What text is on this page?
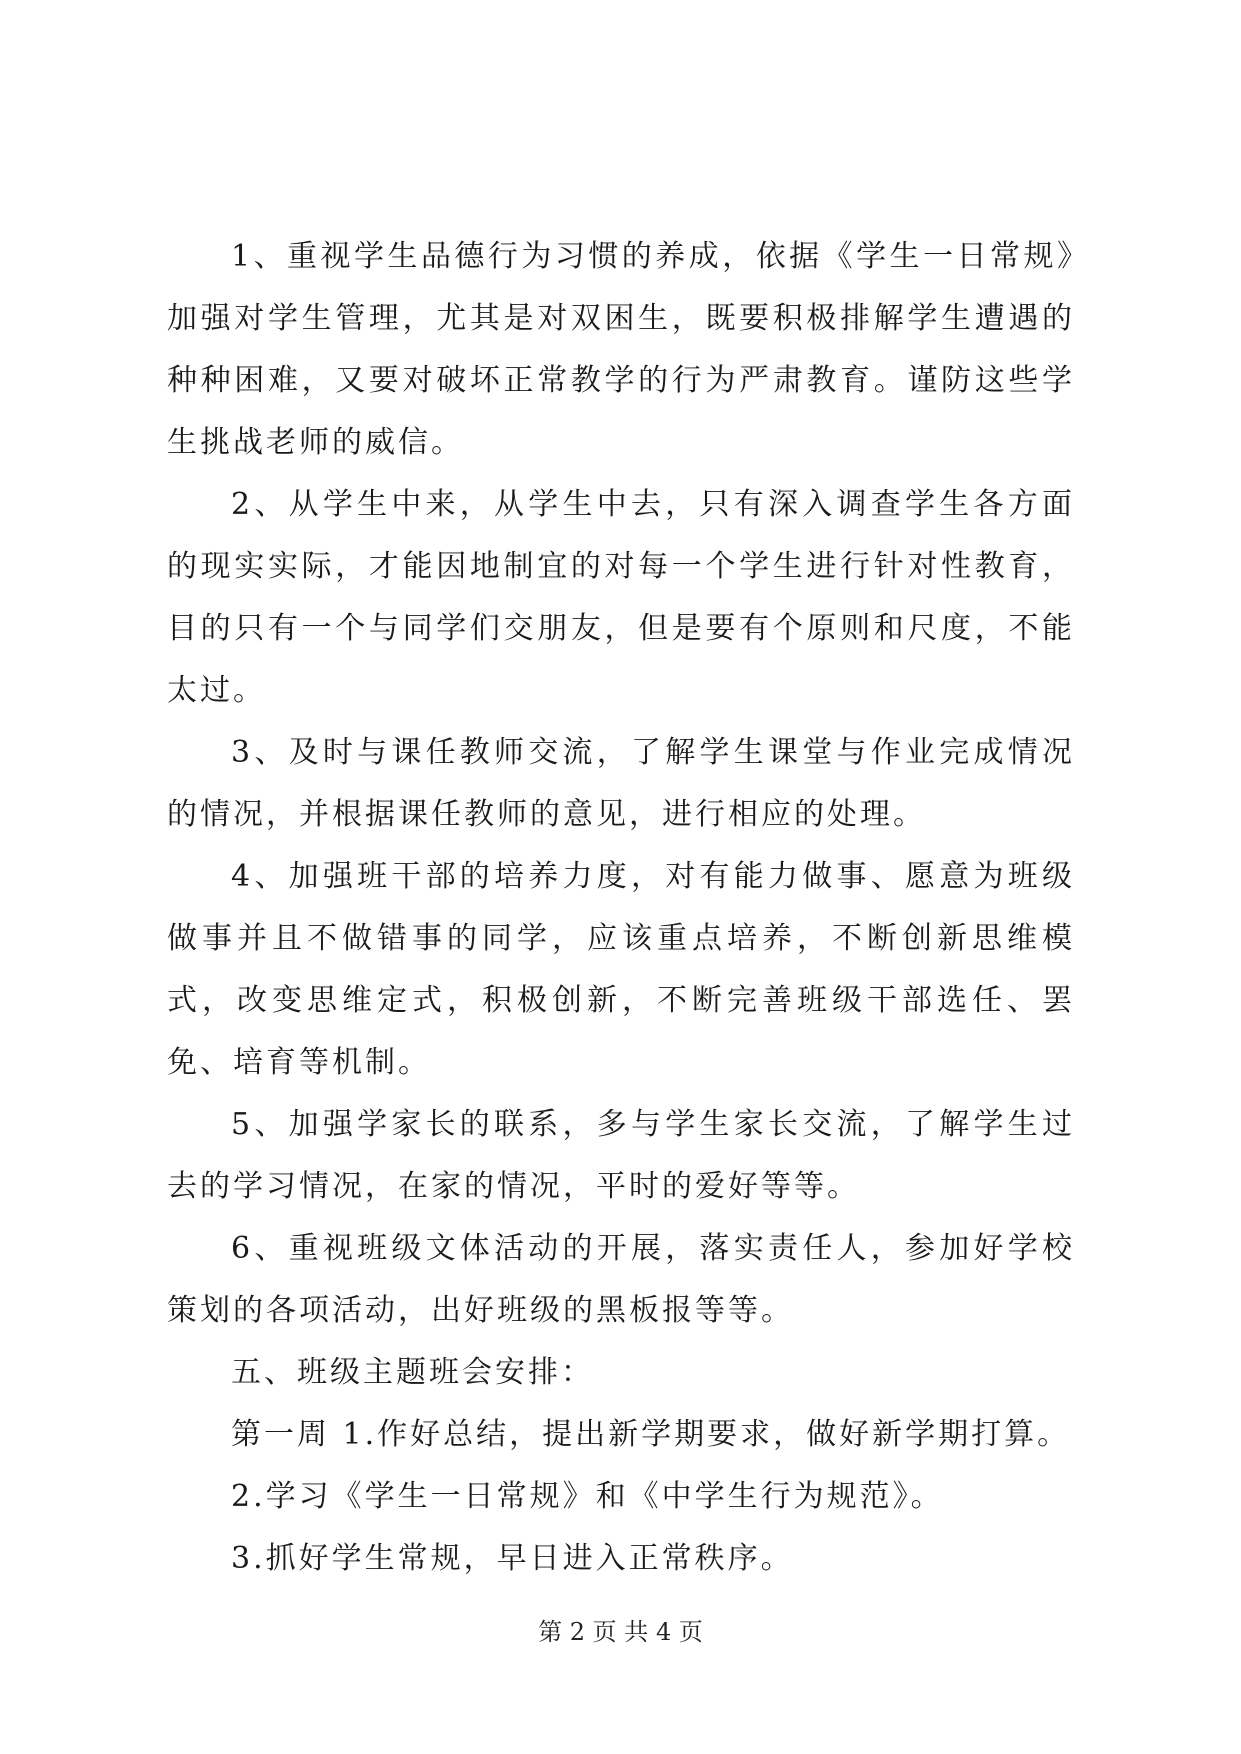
1、重视学生品德行为习惯的养成，依据《学生一日常规》加强对学生管理，尤其是对双困生，既要积极排解学生遭遇的种种困难，又要对破坏正常教学的行为严肃教育。谨防这些学生挑战老师的威信。

2、从学生中来，从学生中去，只有深入调查学生各方面的现实实际，才能因地制宜的对每一个学生进行针对性教育，目的只有一个与同学们交朋友，但是要有个原则和尺度，不能太过。

3、及时与课任教师交流，了解学生课堂与作业完成情况的情况，并根据课任教师的意见，进行相应的处理。

4、加强班干部的培养力度，对有能力做事、愿意为班级做事并且不做错事的同学，应该重点培养，不断创新思维模式，改变思维定式，积极创新，不断完善班级干部选任、罢免、培育等机制。

5、加强学家长的联系，多与学生家长交流，了解学生过去的学习情况，在家的情况，平时的爱好等等。

6、重视班级文体活动的开展，落实责任人，参加好学校策划的各项活动，出好班级的黑板报等等。

五、班级主题班会安排：

第一周 1.作好总结，提出新学期要求，做好新学期打算。

2.学习《学生一日常规》和《中学生行为规范》。

3.抓好学生常规，早日进入正常秩序。

第 2 页 共 4 页
